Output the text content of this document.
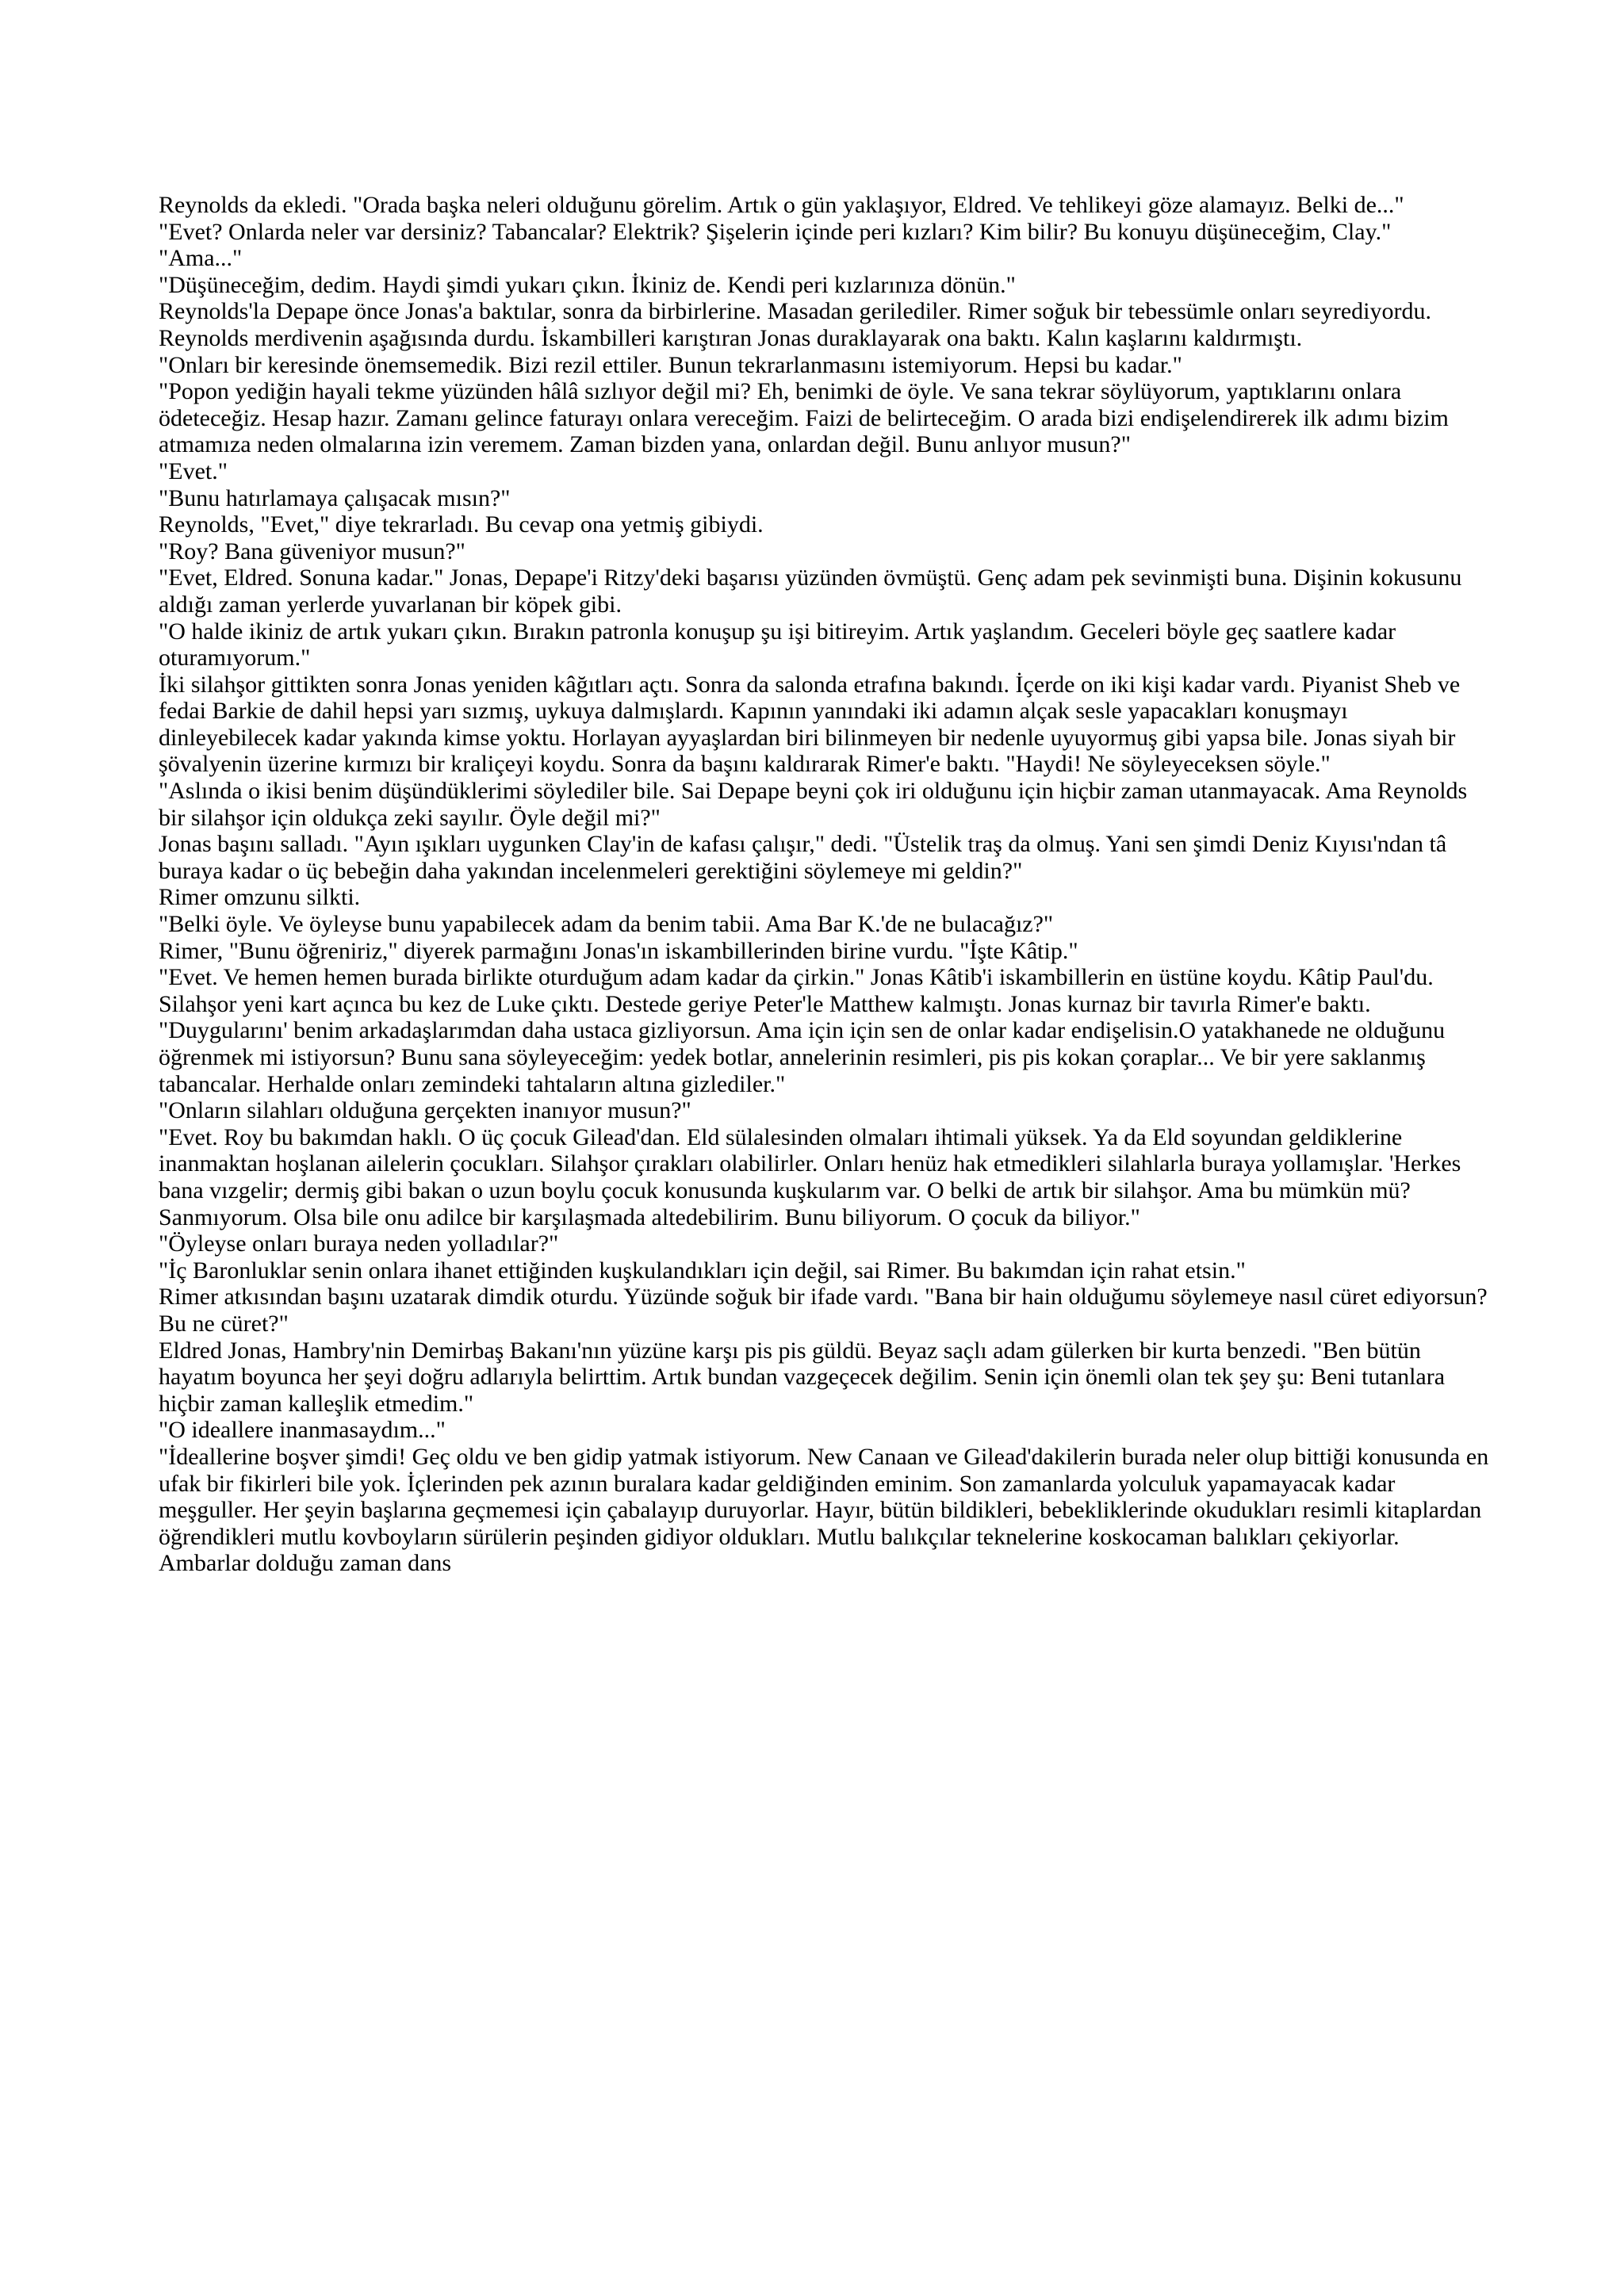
Reynolds da ekledi. "Orada başka neleri olduğunu görelim. Artık o gün yaklaşıyor, Eldred. Ve tehlikeyi göze alamayız. Belki de..."

"Evet? Onlarda neler var dersiniz? Tabancalar? Elektrik? Şişelerin içinde peri kızları? Kim bilir? Bu konuyu düşüneceğim, Clay."

"Ama..."

"Düşüneceğim, dedim. Haydi şimdi yukarı çıkın. İkiniz de. Kendi peri kızlarınıza dönün."

Reynolds'la Depape önce Jonas'a baktılar, sonra da birbirlerine. Masadan gerilediler. Rimer soğuk bir tebessümle onları seyrediyordu.

Reynolds merdivenin aşağısında durdu. İskambilleri karıştıran Jonas duraklayarak ona baktı. Kalın kaşlarını kaldırmıştı.

"Onları bir keresinde önemsemedik. Bizi rezil ettiler. Bunun tekrarlanmasını istemiyorum. Hepsi bu kadar."

"Popon yediğin hayali tekme yüzünden hâlâ sızlıyor değil mi? Eh, benimki de öyle. Ve sana tekrar söylüyorum, yaptıklarını onlara ödeteceğiz. Hesap hazır. Zamanı gelince faturayı onlara vereceğim. Faizi de belirteceğim. O arada bizi endişelendirerek ilk adımı bizim atmamıza neden olmalarına izin veremem. Zaman bizden yana, onlardan değil. Bunu anlıyor musun?"

"Evet."

"Bunu hatırlamaya çalışacak mısın?"

Reynolds, "Evet," diye tekrarladı. Bu cevap ona yetmiş gibiydi.

"Roy? Bana güveniyor musun?"

"Evet, Eldred. Sonuna kadar." Jonas, Depape'i Ritzy'deki başarısı yüzünden övmüştü. Genç adam pek sevinmişti buna. Dişinin kokusunu aldığı zaman yerlerde yuvarlanan bir köpek gibi.

"O halde ikiniz de artık yukarı çıkın. Bırakın patronla konuşup şu işi bitireyim. Artık yaşlandım. Geceleri böyle geç saatlere kadar oturamıyorum."

İki silahşor gittikten sonra Jonas yeniden kâğıtları açtı. Sonra da salonda etrafına bakındı. İçerde on iki kişi kadar vardı. Piyanist Sheb ve fedai Barkie de dahil hepsi yarı sızmış, uykuya dalmışlardı. Kapının yanındaki iki adamın alçak sesle yapacakları konuşmayı dinleyebilecek kadar yakında kimse yoktu. Horlayan ayyaşlardan biri bilinmeyen bir nedenle uyuyormuş gibi yapsa bile. Jonas siyah bir şövalyenin üzerine kırmızı bir kraliçeyi koydu. Sonra da başını kaldırarak Rimer'e baktı. "Haydi! Ne söyleyeceksen söyle."

"Aslında o ikisi benim düşündüklerimi söylediler bile. Sai Depape beyni çok iri olduğunu için hiçbir zaman utanmayacak. Ama Reynolds bir silahşor için oldukça zeki sayılır. Öyle değil mi?"

Jonas başını salladı. "Ayın ışıkları uygunken Clay'in de kafası çalışır," dedi. "Üstelik traş da olmuş. Yani sen şimdi Deniz Kıyısı'ndan tâ buraya kadar o üç bebeğin daha yakından incelenmeleri gerektiğini söylemeye mi geldin?"

Rimer omzunu silkti.

"Belki öyle. Ve öyleyse bunu yapabilecek adam da benim tabii. Ama Bar K.'de ne bulacağız?"

Rimer, "Bunu öğreniriz," diyerek parmağını Jonas'ın iskambillerinden birine vurdu. "İşte Kâtip."

"Evet. Ve hemen hemen burada birlikte oturduğum adam kadar da çirkin." Jonas Kâtib'i iskambillerin en üstüne koydu. Kâtip Paul'du. Silahşor yeni kart açınca bu kez de Luke çıktı. Destede geriye Peter'le Matthew kalmıştı. Jonas kurnaz bir tavırla Rimer'e baktı. "Duygularını' benim arkadaşlarımdan daha ustaca gizliyorsun. Ama için için sen de onlar kadar endişelisin.O yatakhanede ne olduğunu öğrenmek mi istiyorsun? Bunu sana söyleyeceğim: yedek botlar, annelerinin resimleri, pis pis kokan çoraplar... Ve bir yere saklanmış tabancalar. Herhalde onları zemindeki tahtaların altına gizlediler."

"Onların silahları olduğuna gerçekten inanıyor musun?"

"Evet. Roy bu bakımdan haklı. O üç çocuk Gilead'dan. Eld sülalesinden olmaları ihtimali yüksek. Ya da Eld soyundan geldiklerine inanmaktan hoşlanan ailelerin çocukları. Silahşor çırakları olabilirler. Onları henüz hak etmedikleri silahlarla buraya yollamışlar. 'Herkes bana vızgelir; dermiş gibi bakan o uzun boylu çocuk konusunda kuşkularım var. O belki de artık bir silahşor. Ama bu mümkün mü? Sanmıyorum. Olsa bile onu adilce bir karşılaşmada altedebilirim. Bunu biliyorum. O çocuk da biliyor."

"Öyleyse onları buraya neden yolladılar?"

"İç Baronluklar senin onlara ihanet ettiğinden kuşkulandıkları için değil, sai Rimer. Bu bakımdan için rahat etsin."

Rimer atkısından başını uzatarak dimdik oturdu. Yüzünde soğuk bir ifade vardı. "Bana bir hain olduğumu söylemeye nasıl cüret ediyorsun? Bu ne cüret?"

Eldred Jonas, Hambry'nin Demirbaş Bakanı'nın yüzüne karşı pis pis güldü. Beyaz saçlı adam gülerken bir kurta benzedi. "Ben bütün hayatım boyunca her şeyi doğru adlarıyla belirttim. Artık bundan vazgeçecek değilim. Senin için önemli olan tek şey şu: Beni tutanlara hiçbir zaman kalleşlik etmedim."

"O ideallere inanmasaydım..."

"İdeallerine boşver şimdi! Geç oldu ve ben gidip yatmak istiyorum. New Canaan ve Gilead'dakilerin burada neler olup bittiği konusunda en ufak bir fikirleri bile yok. İçlerinden pek azının buralara kadar geldiğinden eminim. Son zamanlarda yolculuk yapamayacak kadar meşguller. Her şeyin başlarına geçmemesi için çabalayıp duruyorlar. Hayır, bütün bildikleri, bebekliklerinde okudukları resimli kitaplardan öğrendikleri mutlu kovboyların sürülerin peşinden gidiyor oldukları. Mutlu balıkçılar teknelerine koskocaman balıkları çekiyorlar. Ambarlar dolduğu zaman dans
